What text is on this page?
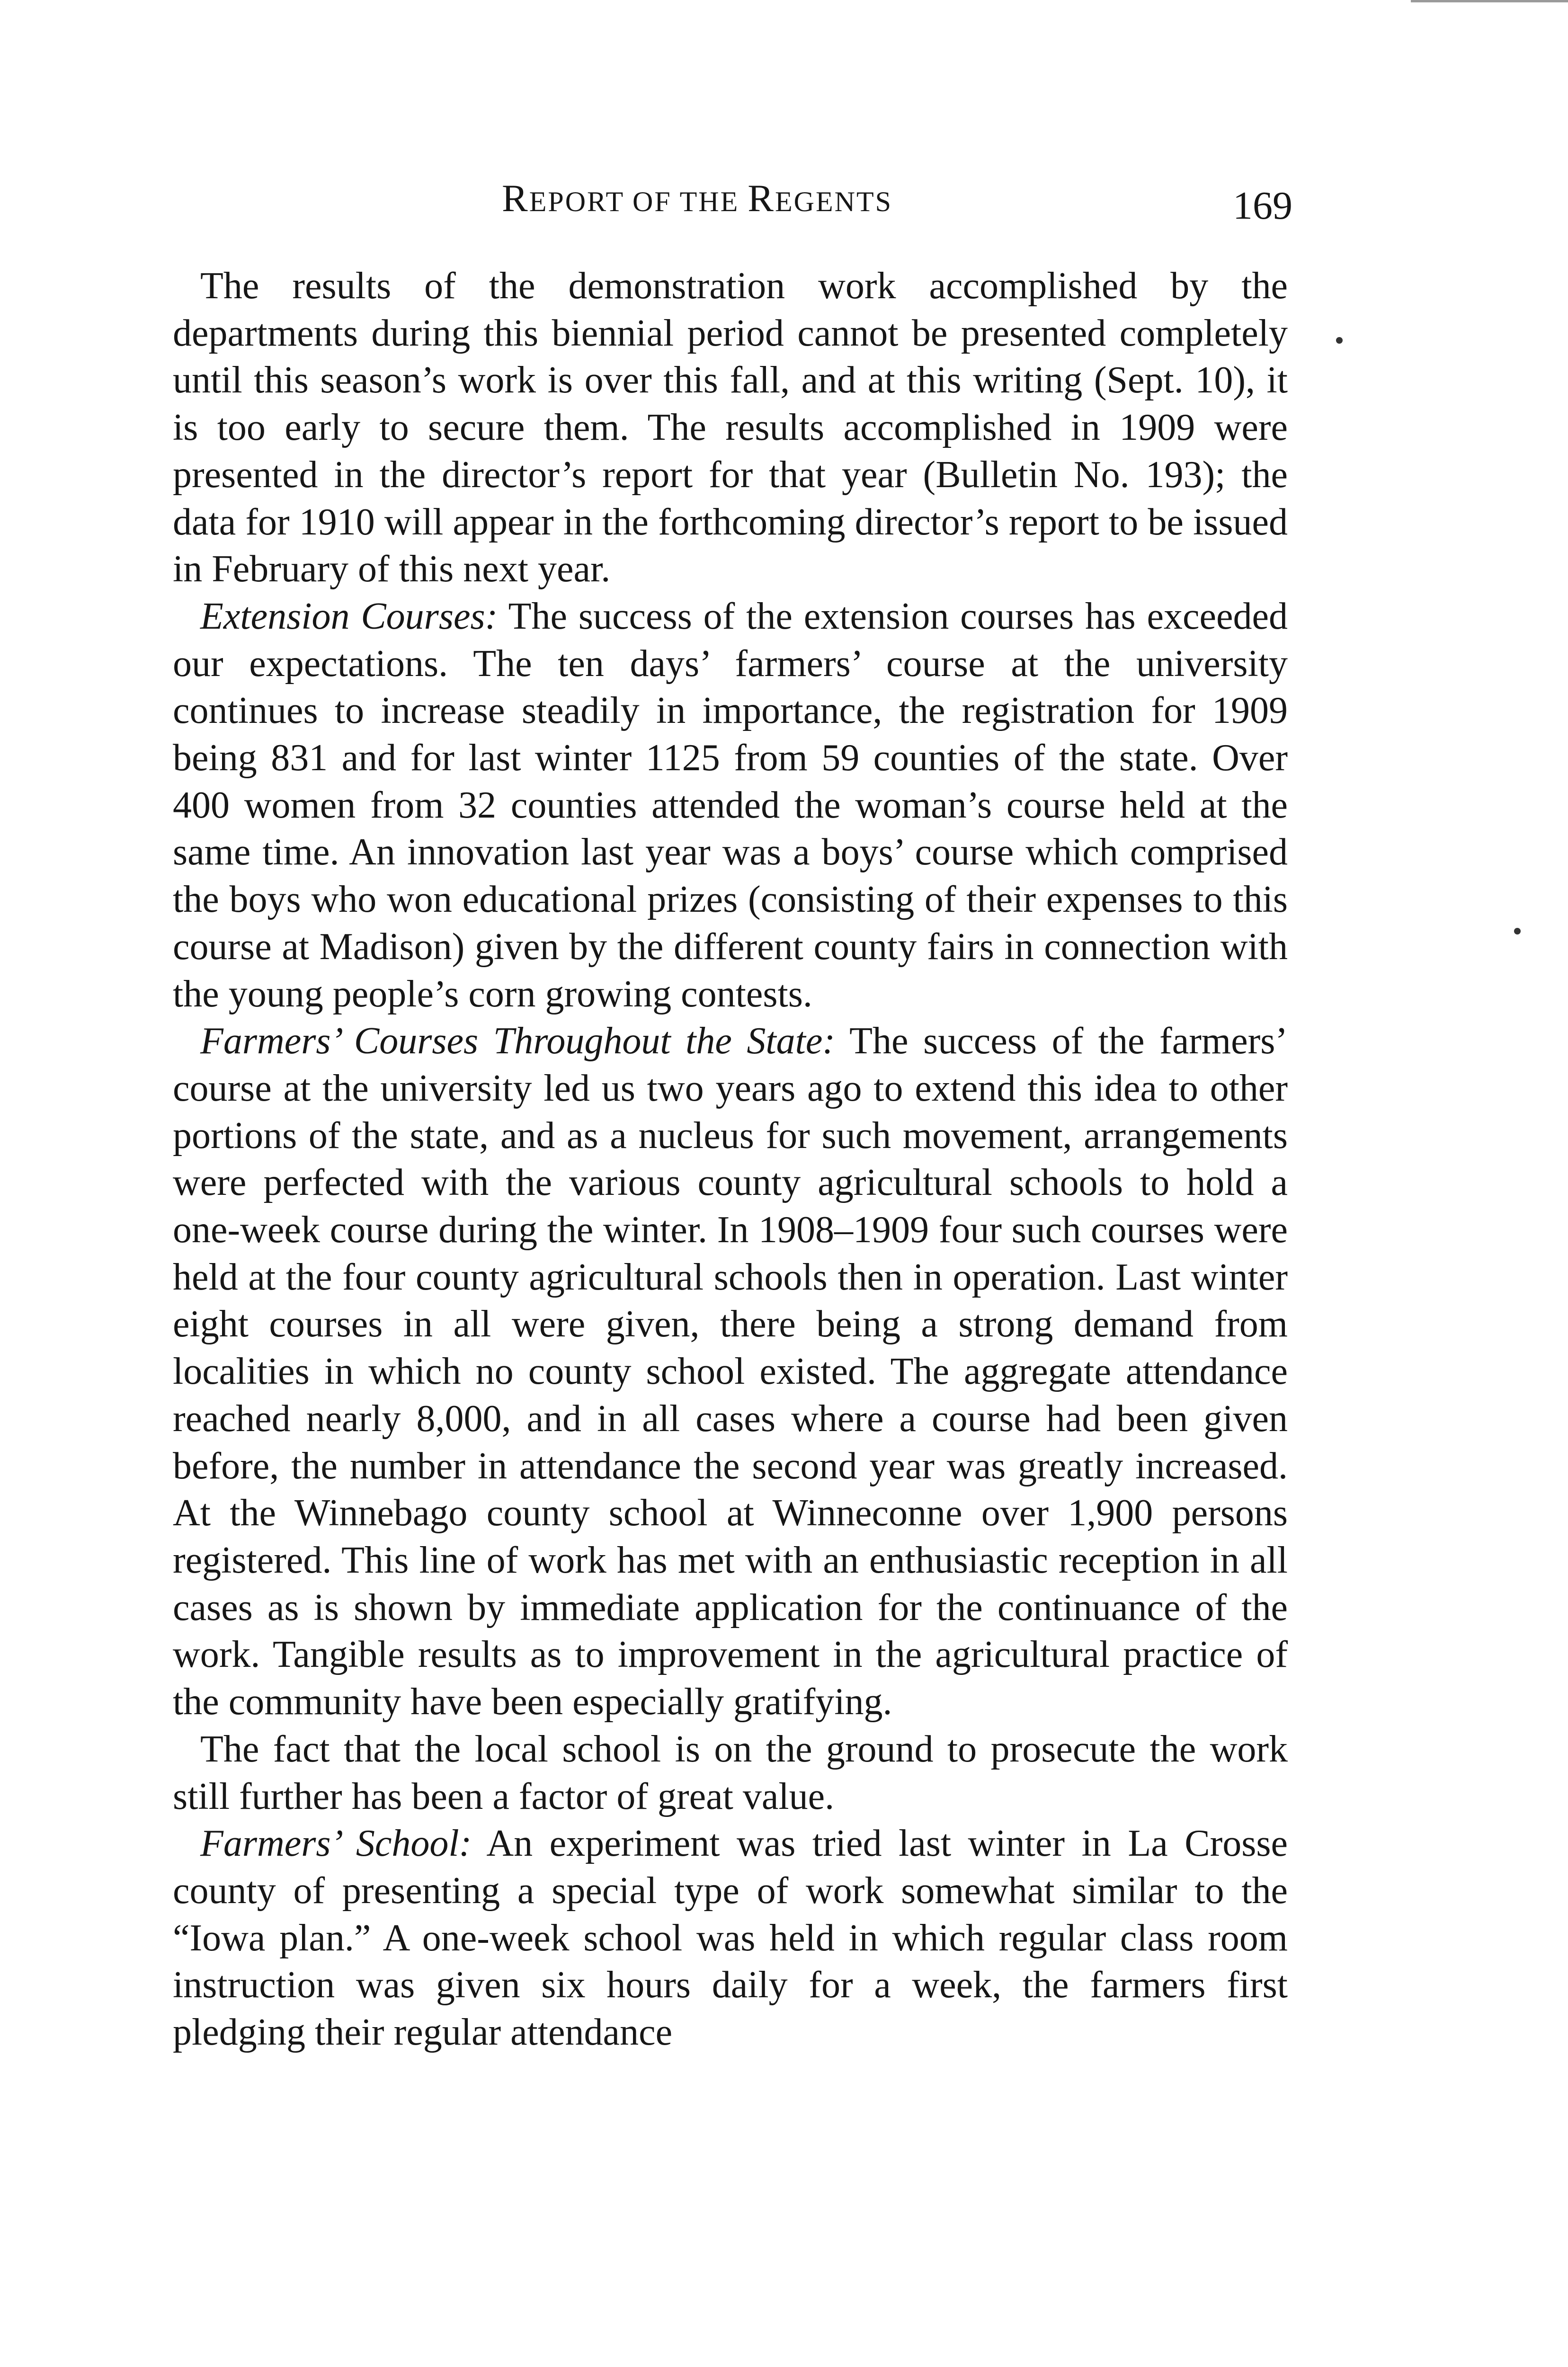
REPORT OF THE REGENTS	169

The results of the demonstration work accomplished by the departments during this biennial period cannot be presented completely until this season’s work is over this fall, and at this writing (Sept. 10), it is too early to secure them. The results accomplished in 1909 were presented in the director’s report for that year (Bulletin No. 193); the data for 1910 will appear in the forthcoming director’s report to be issued in February of this next year.

Extension Courses: The success of the extension courses has exceeded our expectations. The ten days’ farmers’ course at the university continues to increase steadily in importance, the registration for 1909 being 831 and for last winter 1125 from 59 counties of the state. Over 400 women from 32 counties attended the woman’s course held at the same time. An innovation last year was a boys’ course which comprised the boys who won educational prizes (consisting of their expenses to this course at Madison) given by the different county fairs in connection with the young people’s corn growing contests.

Farmers’ Courses Throughout the State: The success of the farmers’ course at the university led us two years ago to extend this idea to other portions of the state, and as a nucleus for such movement, arrangements were perfected with the various county agricultural schools to hold a one-week course during the winter. In 1908–1909 four such courses were held at the four county agricultural schools then in operation. Last winter eight courses in all were given, there being a strong demand from localities in which no county school existed. The aggregate attendance reached nearly 8,000, and in all cases where a course had been given before, the number in attendance the second year was greatly increased. At the Winnebago county school at Winneconne over 1,900 persons registered. This line of work has met with an enthusiastic reception in all cases as is shown by immediate application for the continuance of the work. Tangible results as to improvement in the agricultural practice of the community have been especially gratifying.

The fact that the local school is on the ground to prosecute the work still further has been a factor of great value.

Farmers’ School: An experiment was tried last winter in La Crosse county of presenting a special type of work somewhat similar to the “Iowa plan.” A one-week school was held in which regular class room instruction was given six hours daily for a week, the farmers first pledging their regular attendance
